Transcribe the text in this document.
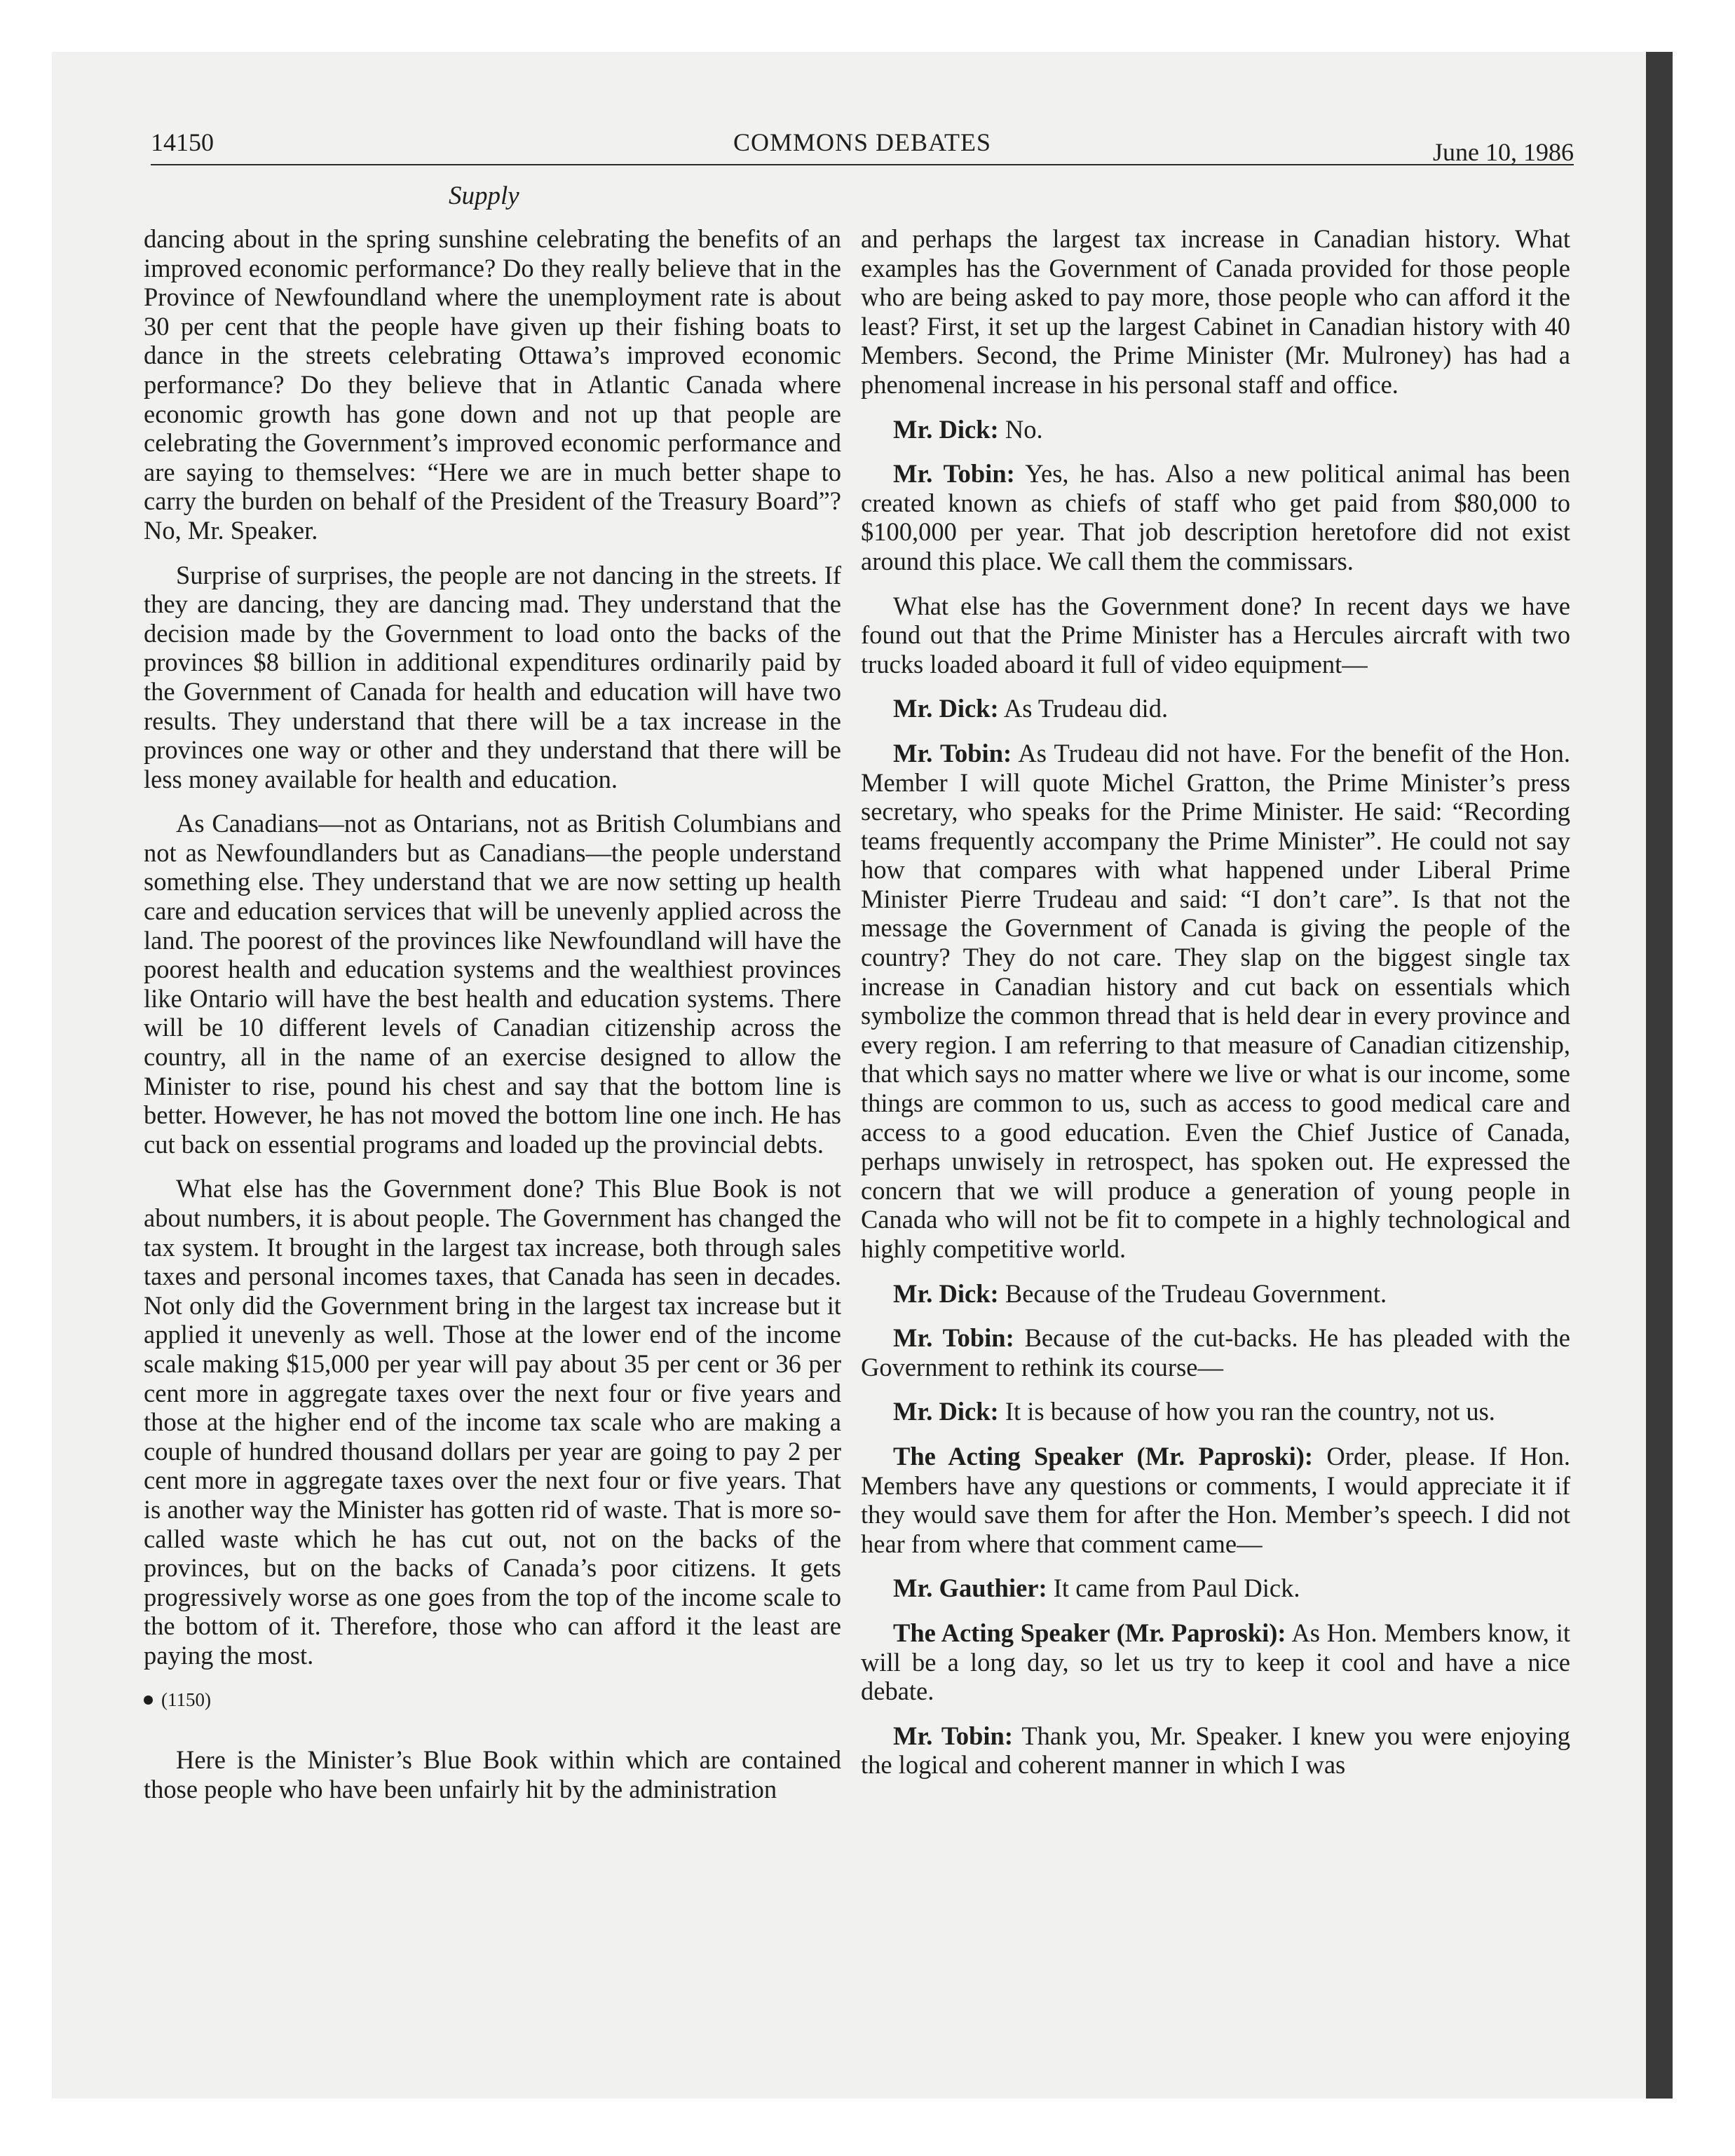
14150	COMMONS DEBATES	June 10, 1986
Supply

dancing about in the spring sunshine celebrating the benefits of an improved economic performance? Do they really believe that in the Province of Newfoundland where the unemployment rate is about 30 per cent that the people have given up their fishing boats to dance in the streets celebrating Ottawa’s improved economic performance? Do they believe that in Atlantic Canada where economic growth has gone down and not up that people are celebrating the Government’s improved economic performance and are saying to themselves: “Here we are in much better shape to carry the burden on behalf of the President of the Treasury Board”? No, Mr. Speaker.

Surprise of surprises, the people are not dancing in the streets. If they are dancing, they are dancing mad. They understand that the decision made by the Government to load onto the backs of the provinces $8 billion in additional expenditures ordinarily paid by the Government of Canada for health and education will have two results. They understand that there will be a tax increase in the provinces one way or other and they understand that there will be less money available for health and education.

As Canadians—not as Ontarians, not as British Columbians and not as Newfoundlanders but as Canadians—the people understand something else. They understand that we are now setting up health care and education services that will be unevenly applied across the land. The poorest of the provinces like Newfoundland will have the poorest health and education systems and the wealthiest provinces like Ontario will have the best health and education systems. There will be 10 different levels of Canadian citizenship across the country, all in the name of an exercise designed to allow the Minister to rise, pound his chest and say that the bottom line is better. However, he has not moved the bottom line one inch. He has cut back on essential programs and loaded up the provincial debts.

What else has the Government done? This Blue Book is not about numbers, it is about people. The Government has changed the tax system. It brought in the largest tax increase, both through sales taxes and personal incomes taxes, that Canada has seen in decades. Not only did the Government bring in the largest tax increase but it applied it unevenly as well. Those at the lower end of the income scale making $15,000 per year will pay about 35 per cent or 36 per cent more in aggregate taxes over the next four or five years and those at the higher end of the income tax scale who are making a couple of hundred thousand dollars per year are going to pay 2 per cent more in aggregate taxes over the next four or five years. That is another way the Minister has gotten rid of waste. That is more so-called waste which he has cut out, not on the backs of the provinces, but on the backs of Canada’s poor citizens. It gets progressively worse as one goes from the top of the income scale to the bottom of it. Therefore, those who can afford it the least are paying the most.

(1150)

Here is the Minister’s Blue Book within which are contained those people who have been unfairly hit by the administration

and perhaps the largest tax increase in Canadian history. What examples has the Government of Canada provided for those people who are being asked to pay more, those people who can afford it the least? First, it set up the largest Cabinet in Canadian history with 40 Members. Second, the Prime Minister (Mr. Mulroney) has had a phenomenal increase in his personal staff and office.

Mr. Dick: No.

Mr. Tobin: Yes, he has. Also a new political animal has been created known as chiefs of staff who get paid from $80,000 to $100,000 per year. That job description heretofore did not exist around this place. We call them the commissars.

What else has the Government done? In recent days we have found out that the Prime Minister has a Hercules aircraft with two trucks loaded aboard it full of video equipment—

Mr. Dick: As Trudeau did.

Mr. Tobin: As Trudeau did not have. For the benefit of the Hon. Member I will quote Michel Gratton, the Prime Minister’s press secretary, who speaks for the Prime Minister. He said: “Recording teams frequently accompany the Prime Minister”. He could not say how that compares with what happened under Liberal Prime Minister Pierre Trudeau and said: “I don’t care”. Is that not the message the Government of Canada is giving the people of the country? They do not care. They slap on the biggest single tax increase in Canadian history and cut back on essentials which symbolize the common thread that is held dear in every province and every region. I am referring to that measure of Canadian citizenship, that which says no matter where we live or what is our income, some things are common to us, such as access to good medical care and access to a good education. Even the Chief Justice of Canada, perhaps unwisely in retrospect, has spoken out. He expressed the concern that we will produce a generation of young people in Canada who will not be fit to compete in a highly technological and highly competitive world.

Mr. Dick: Because of the Trudeau Government.

Mr. Tobin: Because of the cut-backs. He has pleaded with the Government to rethink its course—

Mr. Dick: It is because of how you ran the country, not us.

The Acting Speaker (Mr. Paproski): Order, please. If Hon. Members have any questions or comments, I would appreciate it if they would save them for after the Hon. Member’s speech. I did not hear from where that comment came—

Mr. Gauthier: It came from Paul Dick.

The Acting Speaker (Mr. Paproski): As Hon. Members know, it will be a long day, so let us try to keep it cool and have a nice debate.

Mr. Tobin: Thank you, Mr. Speaker. I knew you were enjoying the logical and coherent manner in which I was
